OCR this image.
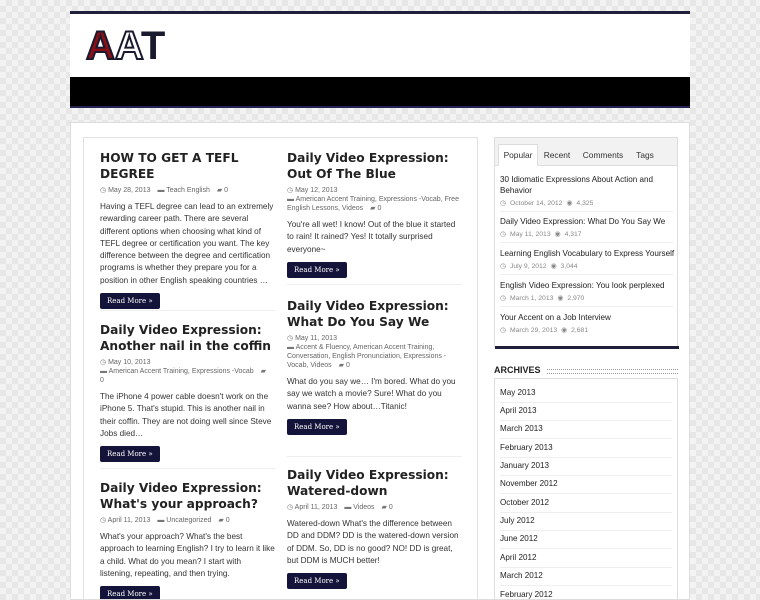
AAT
HOW TO GET A TEFL DEGREE
◷ May 28, 2013 ▬ Teach English ▰ 0
Having a TEFL degree can lead to an extremely rewarding career path. There are several different options when choosing what kind of TEFL degree or certification you want. The key difference between the degree and certification programs is whether they prepare you for a position in other English speaking countries …
Read More »
Daily Video Expression: Another nail in the coffin
◷ May 10, 2013
▬ American Accent Training, Expressions -Vocab ▰ 0
The iPhone 4 power cable doesn't work on the iPhone 5. That's stupid. This is another nail in their coffin. They are not doing well since Steve Jobs died…
Read More »
Daily Video Expression: What's your approach?
◷ April 11, 2013 ▬ Uncategorized ▰ 0
What's your approach? What's the best approach to learning English? I try to learn it like a child. What do you mean? I start with listening, repeating, and then trying.
Read More »
Daily Video Expression: Out Of The Blue
◷ May 12, 2013
▬ American Accent Training, Expressions -Vocab, Free English Lessons, Videos ▰ 0
You're all wet! I know! Out of the blue it started to rain! It rained? Yes! It totally surprised everyone~
Read More »
Daily Video Expression: What Do You Say We
◷ May 11, 2013
▬ Accent & Fluency, American Accent Training, Conversation, English Pronunciation, Expressions -Vocab, Videos ▰ 0
What do you say we… I'm bored. What do you say we watch a movie? Sure! What do you wanna see? How about…Titanic!
Read More »
Daily Video Expression: Watered-down
◷ April 11, 2013 ▬ Videos ▰ 0
Watered-down What's the difference between DD and DDM? DD is the watered-down version of DDM. So, DD is no good? NO! DD is great, but DDM is MUCH better!
Read More »
Popular	Recent	Comments	Tags
30 Idiomatic Expressions About Action and Behavior
◷ October 14, 2012 ◉ 4,325
Daily Video Expression: What Do You Say We
◷ May 11, 2013 ◉ 4,317
Learning English Vocabulary to Express Yourself
◷ July 9, 2012 ◉ 3,044
English Video Expression: You look perplexed
◷ March 1, 2013 ◉ 2,970
Your Accent on a Job Interview
◷ March 29, 2013 ◉ 2,681
ARCHIVES
May 2013
April 2013
March 2013
February 2013
January 2013
November 2012
October 2012
July 2012
June 2012
April 2012
March 2012
February 2012
